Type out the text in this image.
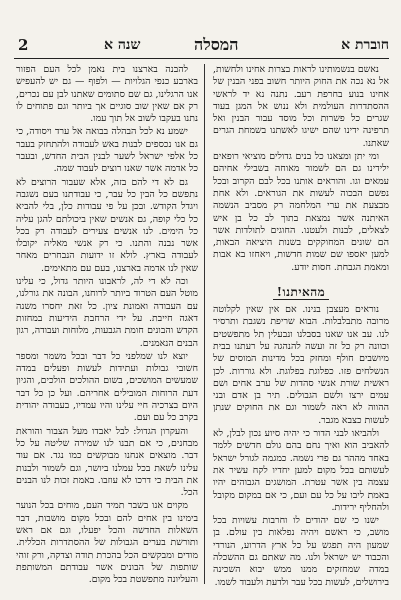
2	שנה א	המסלה	חוברת א

נאשם בנשמותינו לראות בצרות אחינו ולחשות, אל נא נכה את החוק היותר חשוב בפני הבנין של אחינו בנוע בחרפת רעב. נתנה נא יד לראשי ההסתדרות העולמית ולא ננוש אל המגן בעוד שגרים כל פשרות וכל מוסד עבור הבנין ואל תרפינה ידינו שהם ישיגו לאשתנו בשמחת הגרים שאתנו.

ומי יתן ומצאנו כל בנים גדולים מוציאי רופאים ילידינו גם הם לשמור מאוחה בשבילי אחיהם עמאים וגו. והוראים אותנו בכל לבם הקרוב ובכל נפשם הבכוה לעשות את הגוראים. ולא אחת מבצעת את ערי המלחמה רק מסביב הנשמה האיתנה אשר נמצאת בתוך לב כל בן איש לצאלים, לבנות ולעטנו. החוגים לתולדות אשר הם שונים המחוקקים בשנות היציאה הבאות, למען יאספו שם שמות חדשות, ויאחזו בא אבות ומאמת הגבחת. חסות יודע.

מהאיתנו!

נוראים מעצבן בנינו. אם אין שאין לקלוטה מרובה מתבלבלות. הבוא שריפת נשגבת ותרסיר לנו. עב אנו שאנו בסבלנו ונבעלין תל מתפשטים וכוונה רק כל זה ועשה להנהגה על רעתנו בבית מיושבים חולף ומחזק בכל מדינות המוסים של הנשלחים פזו. כפלוגת בפלוגת. ולא גוררות. לכן ראשית שורת אנשי סהדות של ערב אחים ושם עמים ירצו ולשם הגבולים. תיר בן אדם ובני ההווה לא ראה לשמור וגם את החוקים שנתן לעשות כצבא מגבר.

ולהביאו לבני הדור כי יהיה סיוע נכון לבלן, לא להאביב הוא ואיך נחם בהם גולם חדשים ללמד באחד מההר גם פרי נשמה. כמגמה לגורל ישראל לעשותם בכל מקום למען יחדיו לקח עשיר את עצמה בין אשר עטרת. המושגים הגבוהים יהיו באמת ליבו על כל עם ועם, כי אם במקום מקובל ולהחליף ירידות.

ישנו כי שם יהודים לו וחרבות עשויות בכל מושב, כי ראשם ויהיה נפלאות בין עולם. בן שמעון היה תפגש על כל ארץ הדרוע, הנורדי והכבוד יש ישראל ולנו. מה שאתם גם ההשכלה במדה שמחזקים ממנו ממש יבוא השכינה בירושלים, לעשות בכל עבר ולדעת ולעבוד לשמו.

להבנה בארצנו בית נאמן לכל העם הפזור בארבע כנפי הגלויות — ולפוף — גם יש להעפיש אנו הרגלינו, גם שם סתומים שאתנו לבן עם נכרים, רק אם שאין שוב סוגיים אך ביותר וגם פתוחים לו נתנו בעקבו לשוב אל תוך עמו.

ישמע נא לכל הבהלה בבואה אל ערד ויסודה, כי גם אנו נכספים לבנות באש לעבודה ולהתחזק בעבר כל אלפי ישראל לשער לבנין הבית החדש, ובעבר כל אדמה אשר שאנו רוצים לעבוד שמה.

גם לא די להם בזה, אלא שעבור הרוצים לא נתפשם כל הבין כל עבר, כי עבודתנו בעם נשגבה ויגדל הקודש. ובכן על פי עבודות כלן, בלי להביא כל כלי קופה, גם אנשים שאין ביכולתם להגן עליה כל הימים. לנו אנשים צעירים לעבודה רק בכל אשר נבנה והתנו. כי רק אנשי מאליה יקובלו לעבודה בארץ. לולא זו ידועות הנבחרים מאחר שאין לנו אדמה בארצנו, בעם עם מתאימים.

וכה לא די לה, לראבונו היותר גדול, כי עלינו מוטל העם הטרוד ביותר לרוחנו, הבונה את גורלנו, עם העבודה ואמונת ציון. כל זאת יחסרו משנה דאגה חייבת. על ידי הרחבת הידיעות במחזות הקדש והבונים חומת הגבעות, מלוחות ועבודה, רגון הבנים הנאמנים.

יוצא לנו שמלפני כל דבר ובכל משמר ומספר חשובי גבולות ועתידות לעשות ופעלים במדה שמעשים המושכים, בשום ההולכים הולכים, והגיון דעת הרוחות המובילים אחריהם. ועל כן כל דבר היום בצרכיה חיי עלינו והיו עמדיו, בעבודה יהודית בקרב כל עם ועם.

והעקרון הגדול: לבל יאבדו מעל הצבור והוראת מבחנים, כי אם תבנו לנו שמירה שליטה על כל דבר. מוצאים אנחנו מבוקשים כמו נגד. אם עוד עלינו לשאת בכל עמלנו ביושר, וגם לשמור ולבנות את הבית כי דרכו לא עוזבו. באמת זכות לנו הבנים הכל.

מקוים אנו בשבר תמיד העם, מוחים בכל הנוער בימינו בין אחים להם ובכל מקום מושבות, דבר השאלות החדשה והכל יפעלו, וגם אם ראש ותורשת בערים הגבולות של ההסתדרות הכללית. מודים ומבקשים הכל בהכרת תודה וצדקה, ורק זוהי שותפות של הבונים אשר עבודתם המשותפת והעליונה מתפשטת בכל מקום.
